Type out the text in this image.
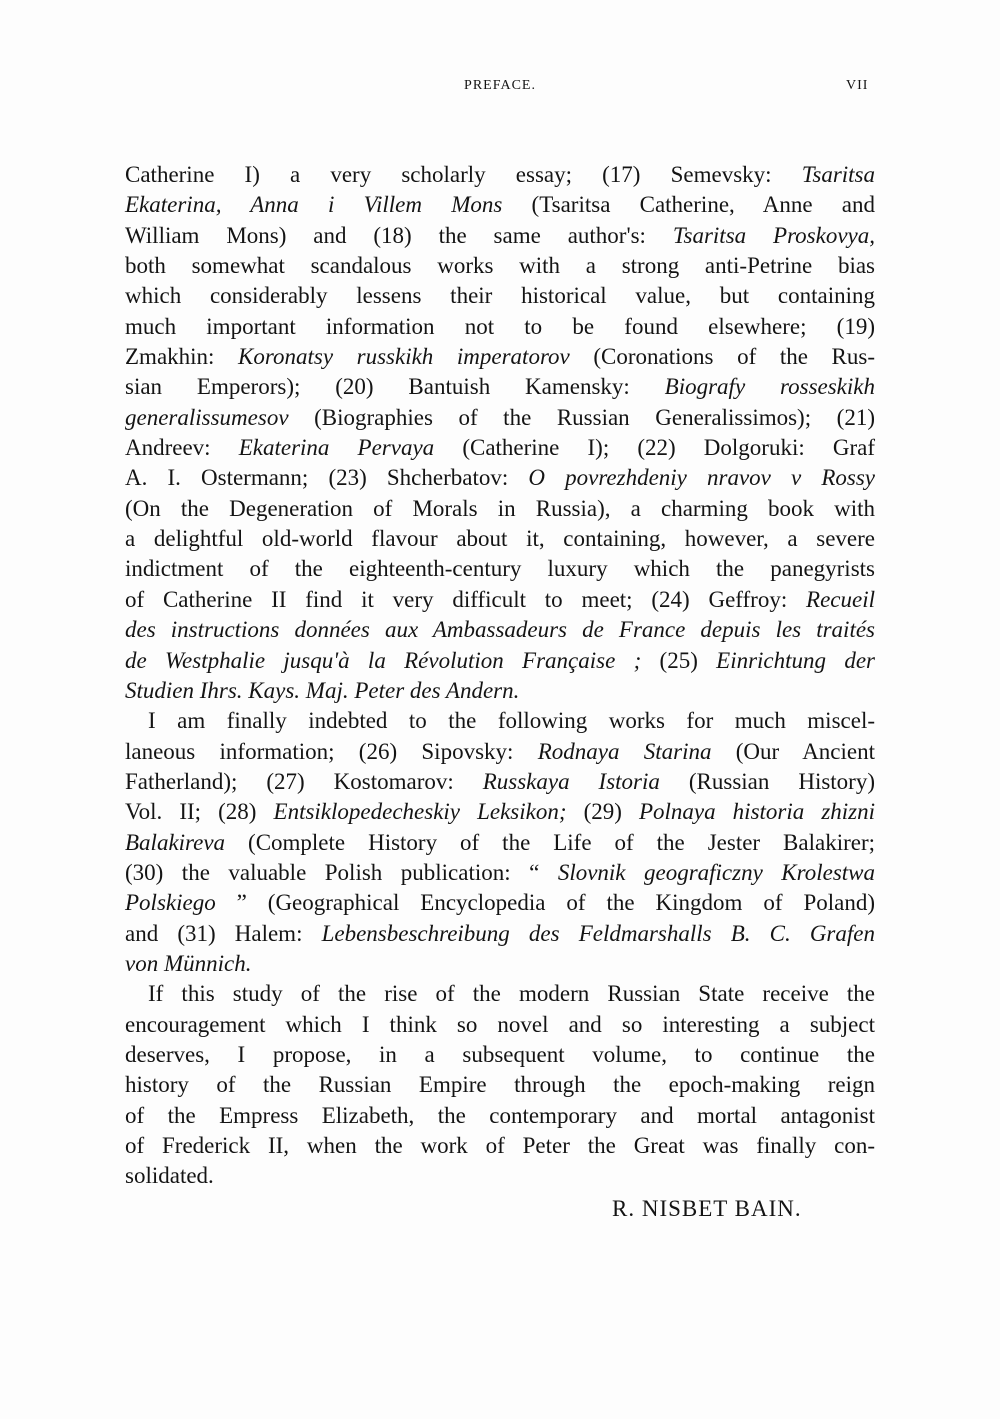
PREFACE.	VII
Catherine I) a very scholarly essay; (17) Semevsky: Tsaritsa
Ekaterina, Anna i Villem Mons (Tsaritsa Catherine, Anne and
William Mons) and (18) the same author's: Tsaritsa Proskovya,
both somewhat scandalous works with a strong anti-Petrine bias
which considerably lessens their historical value, but containing
much important information not to be found elsewhere; (19)
Zmakhin: Koronatsy russkikh imperatorov (Coronations of the Rus-
sian Emperors); (20) Bantuish Kamensky: Biografy rosseskikh
generalissumesov (Biographies of the Russian Generalissimos); (21)
Andreev: Ekaterina Pervaya (Catherine I); (22) Dolgoruki: Graf
A. I. Ostermann; (23) Shcherbatov: O povrezhdeniy nravov v Rossy
(On the Degeneration of Morals in Russia), a charming book with
a delightful old-world flavour about it, containing, however, a severe
indictment of the eighteenth-century luxury which the panegyrists
of Catherine II find it very difficult to meet; (24) Geffroy: Recueil
des instructions données aux Ambassadeurs de France depuis les traités
de Westphalie jusqu'à la Révolution Française ; (25) Einrichtung der
Studien Ihrs. Kays. Maj. Peter des Andern.
 I am finally indebted to the following works for much miscel-
laneous information; (26) Sipovsky: Rodnaya Starina (Our Ancient
Fatherland); (27) Kostomarov: Russkaya Istoria (Russian History)
Vol. II; (28) Entsiklopedecheskiy Leksikon; (29) Polnaya historia zhizni
Balakireva (Complete History of the Life of the Jester Balakirer;
(30) the valuable Polish publication: “ Slovnik geograficzny Krolestwa
Polskiego ” (Geographical Encyclopedia of the Kingdom of Poland)
and (31) Halem: Lebensbeschreibung des Feldmarshalls B. C. Grafen
von Münnich.
 If this study of the rise of the modern Russian State receive the
encouragement which I think so novel and so interesting a subject
deserves, I propose, in a subsequent volume, to continue the
history of the Russian Empire through the epoch-making reign
of the Empress Elizabeth, the contemporary and mortal antagonist
of Frederick II, when the work of Peter the Great was finally con-
solidated.
R. NISBET BAIN.
